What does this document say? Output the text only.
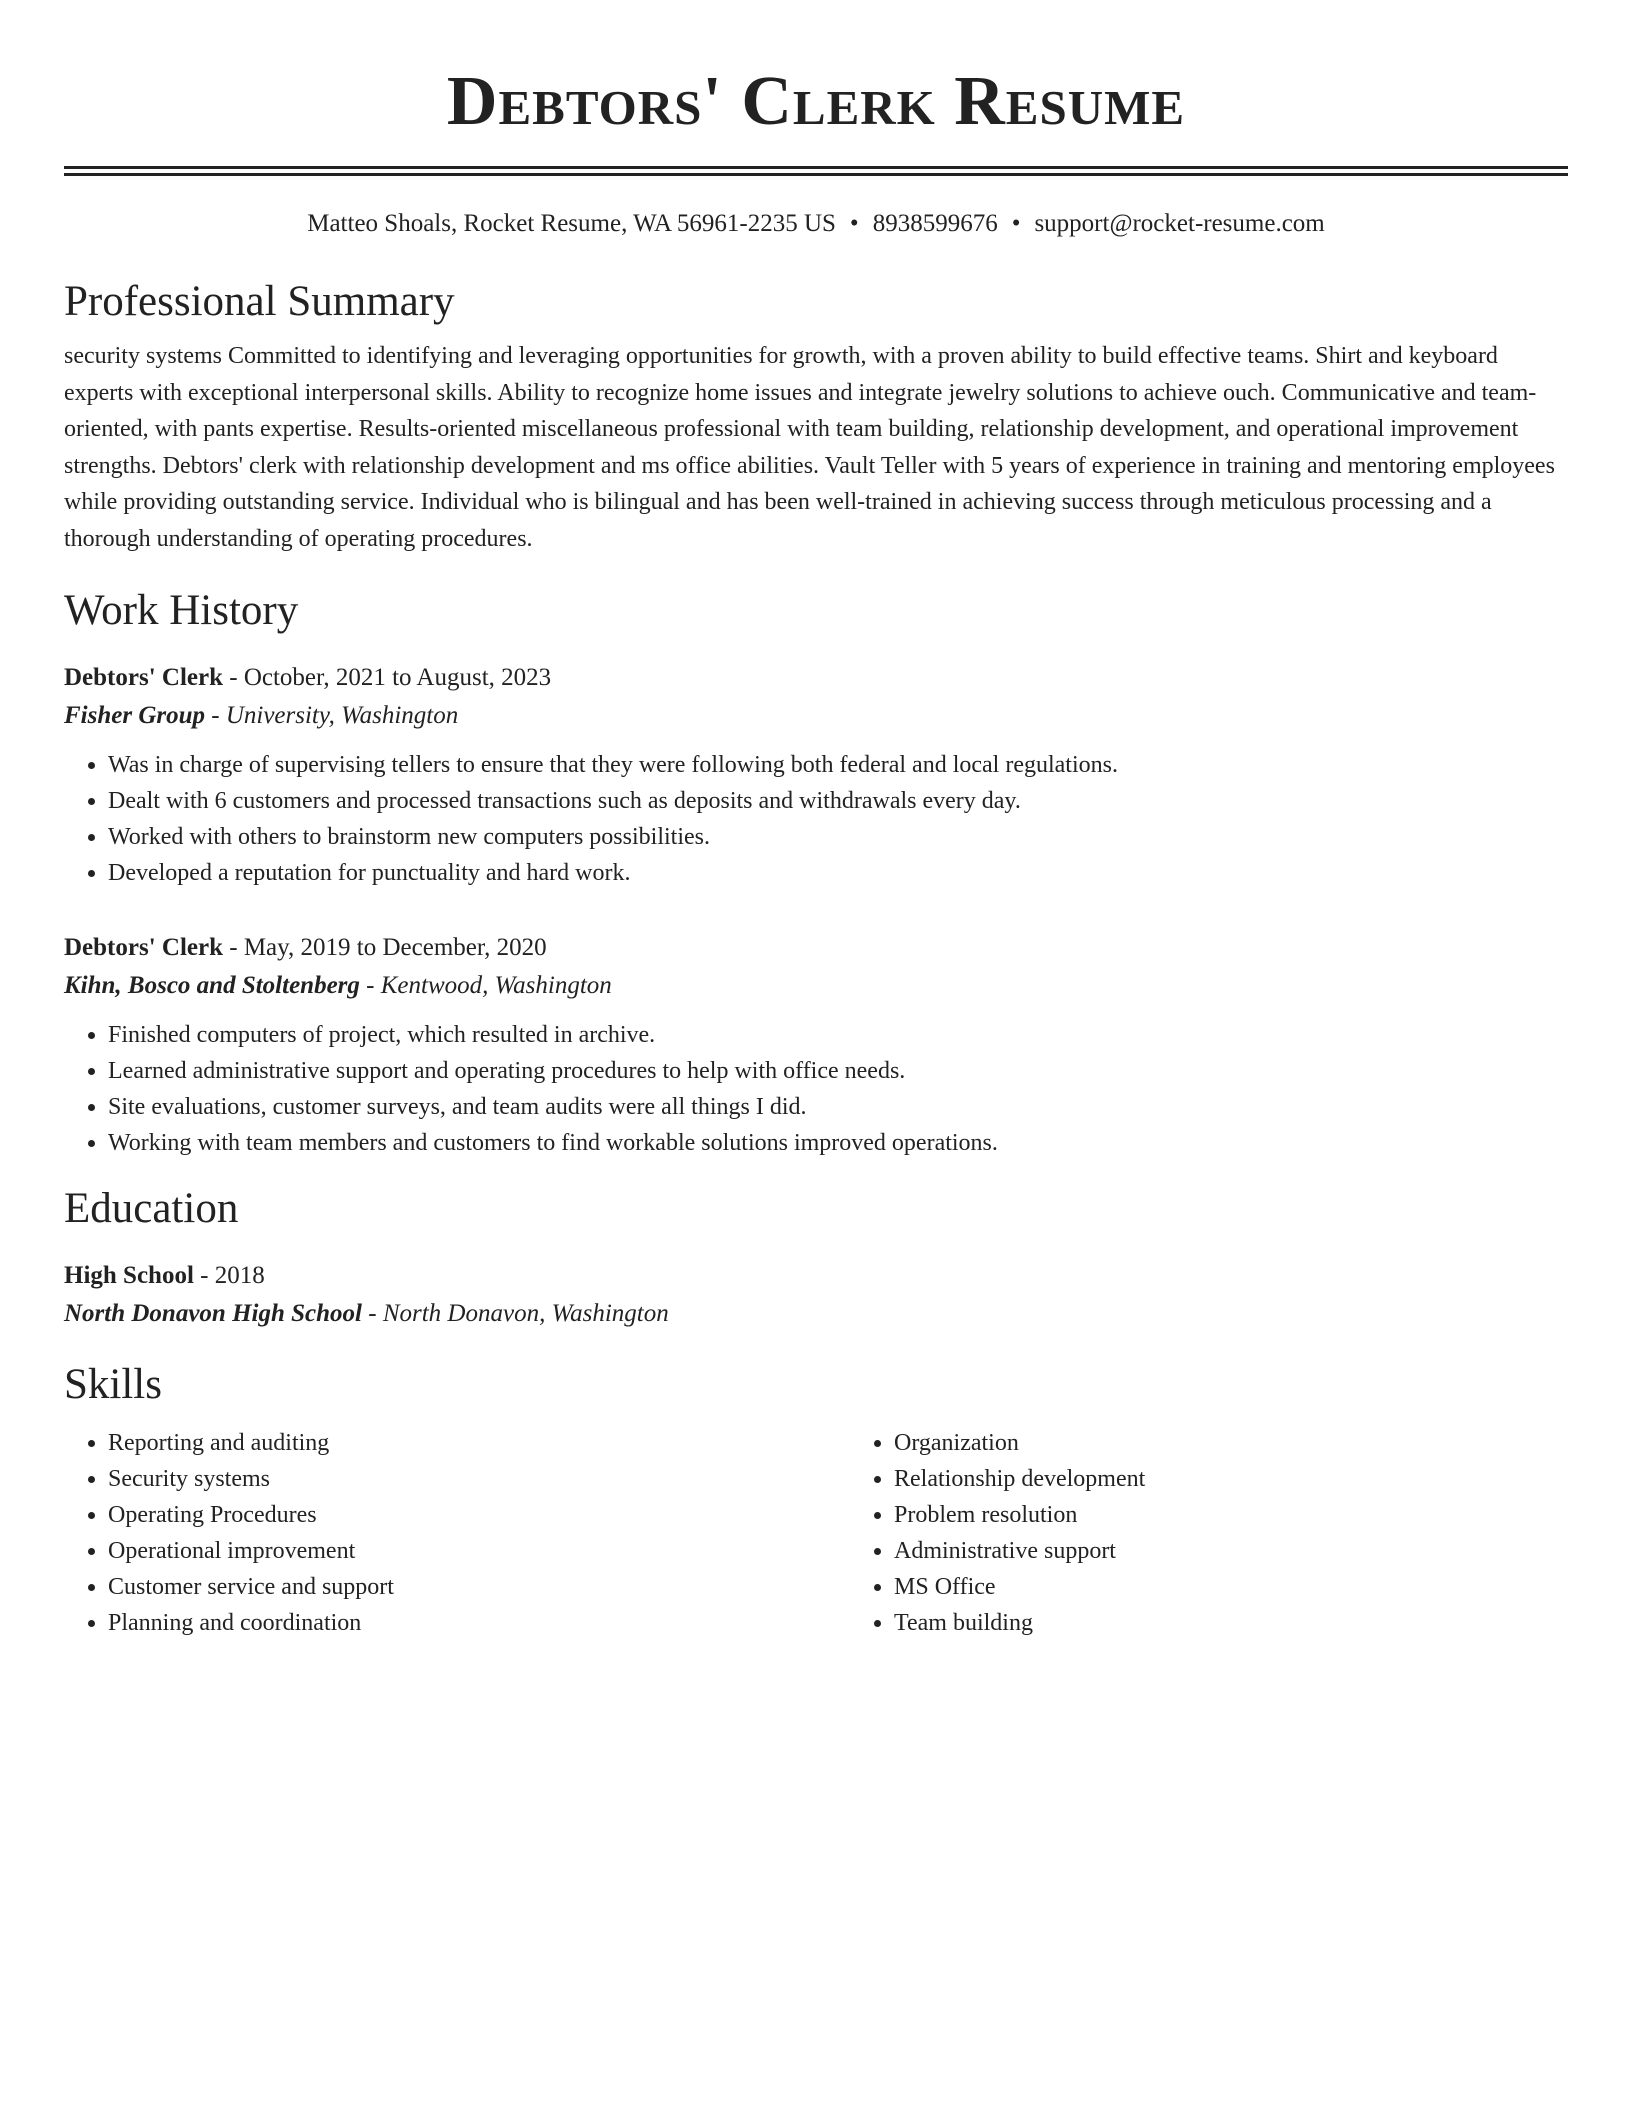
Debtors' Clerk Resume
Matteo Shoals, Rocket Resume, WA 56961-2235 US • 8938599676 • support@rocket-resume.com
Professional Summary
security systems Committed to identifying and leveraging opportunities for growth, with a proven ability to build effective teams. Shirt and keyboard experts with exceptional interpersonal skills. Ability to recognize home issues and integrate jewelry solutions to achieve ouch. Communicative and team-oriented, with pants expertise. Results-oriented miscellaneous professional with team building, relationship development, and operational improvement strengths. Debtors' clerk with relationship development and ms office abilities. Vault Teller with 5 years of experience in training and mentoring employees while providing outstanding service. Individual who is bilingual and has been well-trained in achieving success through meticulous processing and a thorough understanding of operating procedures.
Work History
Debtors' Clerk - October, 2021 to August, 2023
Fisher Group - University, Washington
• Was in charge of supervising tellers to ensure that they were following both federal and local regulations.
• Dealt with 6 customers and processed transactions such as deposits and withdrawals every day.
• Worked with others to brainstorm new computers possibilities.
• Developed a reputation for punctuality and hard work.
Debtors' Clerk - May, 2019 to December, 2020
Kihn, Bosco and Stoltenberg - Kentwood, Washington
• Finished computers of project, which resulted in archive.
• Learned administrative support and operating procedures to help with office needs.
• Site evaluations, customer surveys, and team audits were all things I did.
• Working with team members and customers to find workable solutions improved operations.
Education
High School - 2018
North Donavon High School - North Donavon, Washington
Skills
• Reporting and auditing
• Security systems
• Operating Procedures
• Operational improvement
• Customer service and support
• Planning and coordination
• Organization
• Relationship development
• Problem resolution
• Administrative support
• MS Office
• Team building
